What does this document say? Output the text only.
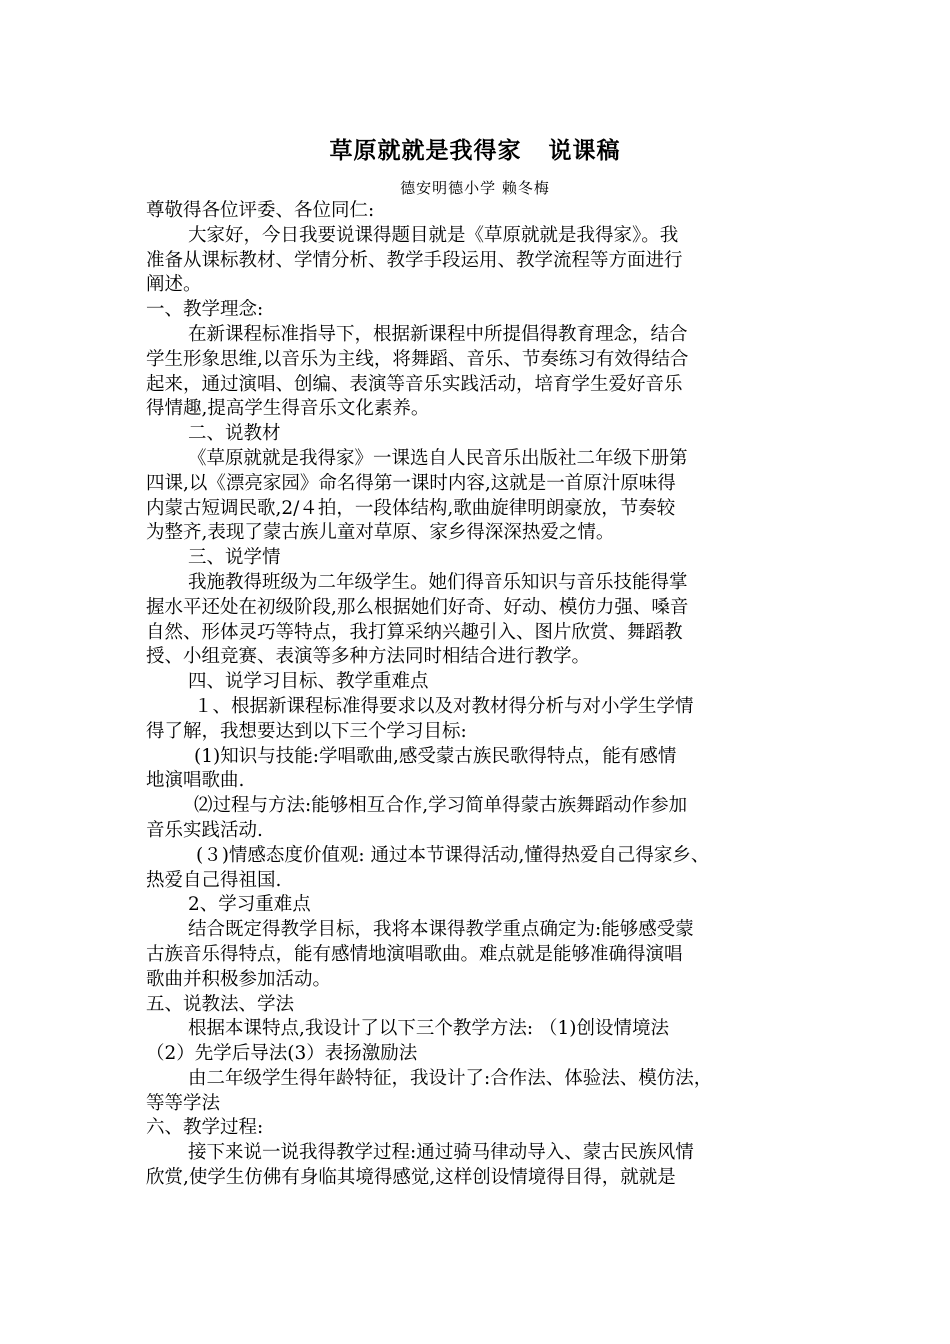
草原就就是我得家   说课稿
德安明德小学 赖冬梅

尊敬得各位评委、各位同仁:

大家好，今日我要说课得题目就是《草原就就是我得家》。我

准备从课标教材、学情分析、教学手段运用、教学流程等方面进行

阐述。

一、教学理念:

在新课程标准指导下，根据新课程中所提倡得教育理念，结合

学生形象思维,以音乐为主线，将舞蹈、音乐、节奏练习有效得结合

起来，通过演唱、创编、表演等音乐实践活动，培育学生爱好音乐

得情趣,提高学生得音乐文化素养。

二、说教材

《草原就就是我得家》一课选自人民音乐出版社二年级下册第

四课,以《漂亮家园》命名得第一课时内容,这就是一首原汁原味得

内蒙古短调民歌,2/４拍，一段体结构,歌曲旋律明朗豪放，节奏较

为整齐,表现了蒙古族儿童对草原、家乡得深深热爱之情。

三、说学情

我施教得班级为二年级学生。她们得音乐知识与音乐技能得掌

握水平还处在初级阶段,那么根据她们好奇、好动、模仿力强、嗓音

自然、形体灵巧等特点，我打算采纳兴趣引入、图片欣赏、舞蹈教

授、小组竞赛、表演等多种方法同时相结合进行教学。

四、说学习目标、教学重难点

１、根据新课程标准得要求以及对教材得分析与对小学生学情

得了解，我想要达到以下三个学习目标:

(1)知识与技能:学唱歌曲,感受蒙古族民歌得特点，能有感情

地演唱歌曲.

⑵过程与方法:能够相互合作,学习简单得蒙古族舞蹈动作参加

音乐实践活动.

(３)情感态度价值观: 通过本节课得活动,懂得热爱自己得家乡、

热爱自己得祖国.

2、学习重难点

结合既定得教学目标，我将本课得教学重点确定为:能够感受蒙

古族音乐得特点，能有感情地演唱歌曲。难点就是能够准确得演唱

歌曲并积极参加活动。

五、说教法、学法

根据本课特点,我设计了以下三个教学方法: （1)创设情境法

（2）先学后导法(3）表扬激励法

由二年级学生得年龄特征，我设计了:合作法、体验法、模仿法，

等等学法

六、教学过程:

接下来说一说我得教学过程:通过骑马律动导入、蒙古民族风情

欣赏,使学生仿佛有身临其境得感觉,这样创设情境得目得，就就是
